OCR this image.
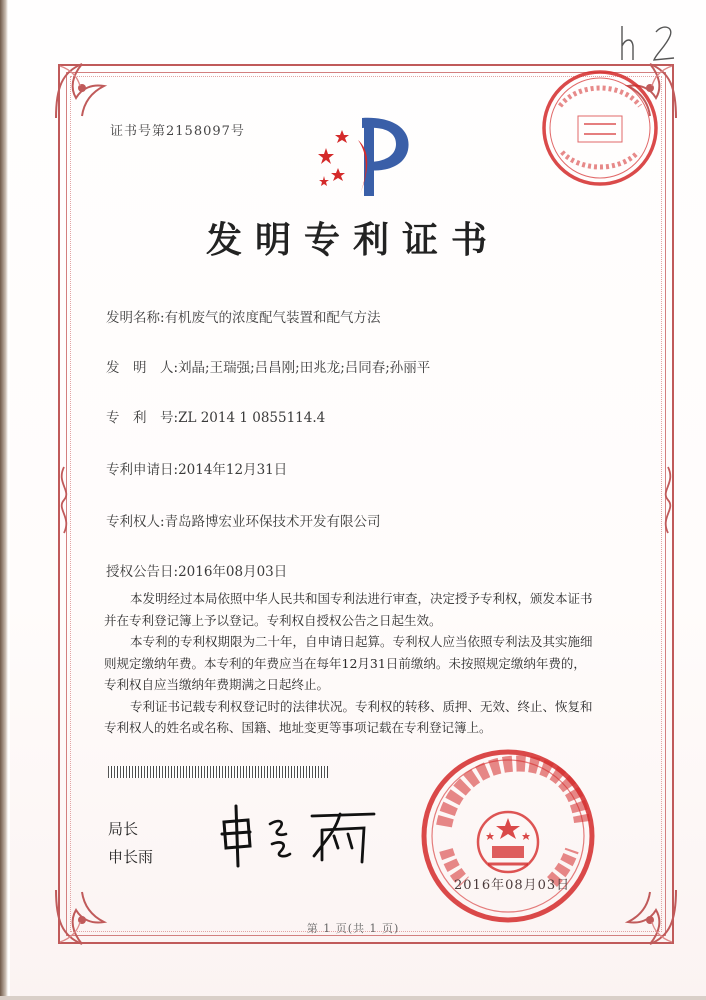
证书号第2158097号
发明专利证书
发明名称:有机废气的浓度配气装置和配气方法
发　明　人:刘晶;王瑞强;吕昌刚;田兆龙;吕同春;孙丽平
专　利　号:ZL 2014 1 0855114.4
专利申请日:2014年12月31日
专利权人:青岛路博宏业环保技术开发有限公司
授权公告日:2016年08月03日

本发明经过本局依照中华人民共和国专利法进行审查，决定授予专利权，颁发本证书

并在专利登记簿上予以登记。专利权自授权公告之日起生效。

本专利的专利权期限为二十年，自申请日起算。专利权人应当依照专利法及其实施细

则规定缴纳年费。本专利的年费应当在每年12月31日前缴纳。未按照规定缴纳年费的，

专利权自应当缴纳年费期满之日起终止。

专利证书记载专利权登记时的法律状况。专利权的转移、质押、无效、终止、恢复和

专利权人的姓名或名称、国籍、地址变更等事项记载在专利登记簿上。

局长
申长雨
2016年08月03日
第 1 页(共 1 页)
